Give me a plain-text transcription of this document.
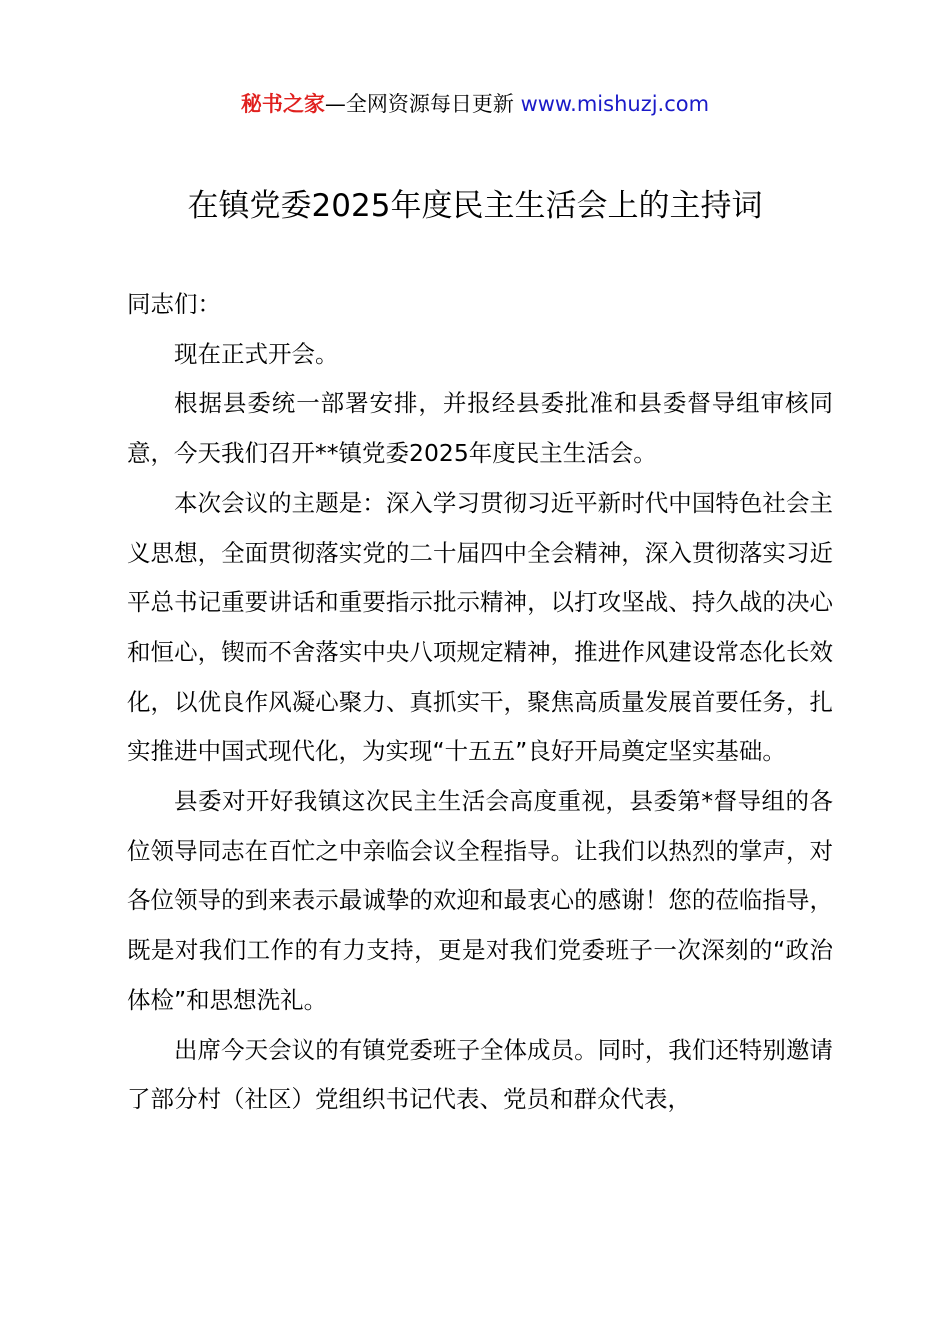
秘书之家—全网资源每日更新 www.mishuzj.com
在镇党委2025年度民主生活会上的主持词

同志们：

现在正式开会。

根据县委统一部署安排，并报经县委批准和县委督导组审核同意，今天我们召开**镇党委2025年度民主生活会。

本次会议的主题是：深入学习贯彻习近平新时代中国特色社会主义思想，全面贯彻落实党的二十届四中全会精神，深入贯彻落实习近平总书记重要讲话和重要指示批示精神，以打攻坚战、持久战的决心和恒心，锲而不舍落实中央八项规定精神，推进作风建设常态化长效化，以优良作风凝心聚力、真抓实干，聚焦高质量发展首要任务，扎实推进中国式现代化，为实现“十五五”良好开局奠定坚实基础。

县委对开好我镇这次民主生活会高度重视，县委第*督导组的各位领导同志在百忙之中亲临会议全程指导。让我们以热烈的掌声，对各位领导的到来表示最诚挚的欢迎和最衷心的感谢！您的莅临指导，既是对我们工作的有力支持，更是对我们党委班子一次深刻的“政治体检”和思想洗礼。

出席今天会议的有镇党委班子全体成员。同时，我们还特别邀请了部分村（社区）党组织书记代表、党员和群众代表，
